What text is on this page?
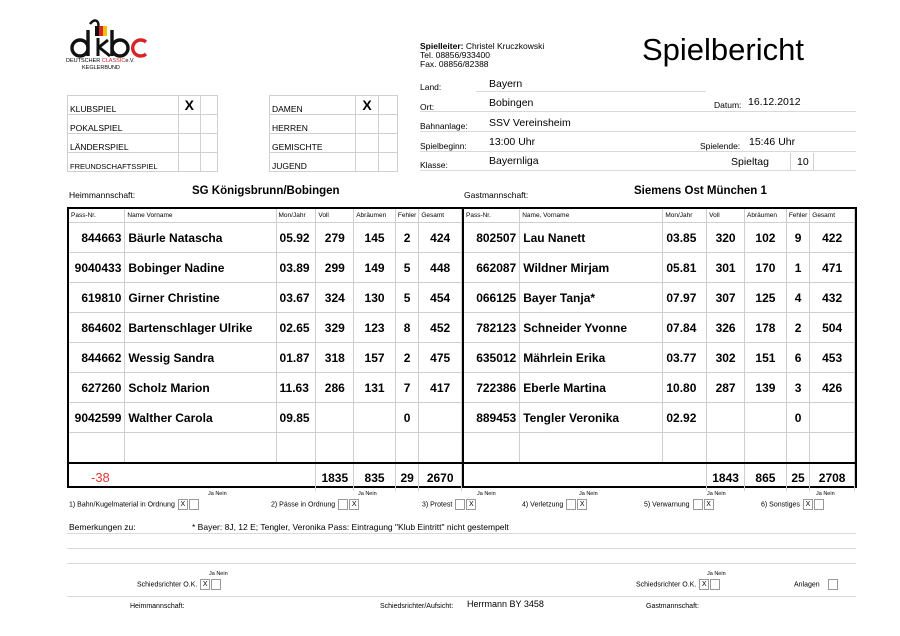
DEUTSCHER CLASSICe.V.
KEGLERBUND
Spielleiter: Christel Kruczkowski
Tel. 08856/933400
Fax. 08856/82388	Spielbericht
KLUBSPIEL	X	
POKALSPIEL		
LÄNDERSPIEL		
FREUNDSCHAFTSSPIEL		
DAMEN	X	
HERREN		
GEMISCHTE		
JUGEND		
Land:	Bayern
Ort:	Bobingen	Datum: 16.12.2012
Bahnanlage: SSV Vereinsheim
Spielbeginn: 13:00 Uhr	Spielende: 15:46 Uhr
Klasse:	Bayernliga	Spieltag	10
Heimmannschaft:	SG Königsbrunn/Bobingen	Gastmannschaft:	Siemens Ost München 1
Pass-Nr.	Name Vorname	Mon/Jahr	Voll	Abräumen	Fehler	Gesamt
844663	Bäurle Natascha	05.92	279	145	2	424
9040433	Bobinger Nadine	03.89	299	149	5	448
619810	Girner Christine	03.67	324	130	5	454
864602	Bartenschlager Ulrike	02.65	329	123	8	452
844662	Wessig Sandra	01.87	318	157	2	475
627260	Scholz Marion	11.63	286	131	7	417
9042599	Walther Carola	09.85			0	

-38			1835	835	29	2670
Pass-Nr.	Name, Vorname	Mon/Jahr	Voll	Abräumen	Fehler	Gesamt
802507	Lau Nanett	03.85	320	102	9	422
662087	Wildner Mirjam	05.81	301	170	1	471
066125	Bayer Tanja*	07.97	307	125	4	432
782123	Schneider Yvonne	07.84	326	178	2	504
635012	Mährlein Erika	03.77	302	151	6	453
722386	Eberle Martina	10.80	287	139	3	426
889453	Tengler Veronika	02.92			0	

			1843	865	25	2708
1) Bahn/Kugelmaterial in Ordnung X	2) Pässe in Ordnung X	3) Protest X	4) Verletzung X	5) Verwarnung X	6) Sonstiges X
Bemerkungen zu:	* Bayer: 8J, 12 E; Tengler, Veronika Pass: Eintragung "Klub Eintritt" nicht gestempelt
Ja Nein
Schiedsrichter O.K. X
Ja Nein
Schiedsrichter O.K. X	Anlagen
Heimmannschaft:	Schiedsrichter/Aufsicht: Herrmann BY 3458	Gastmannschaft:
Ja Nein	Ja Nein	Ja Nein	Ja Nein	Ja Nein	Ja Nein
